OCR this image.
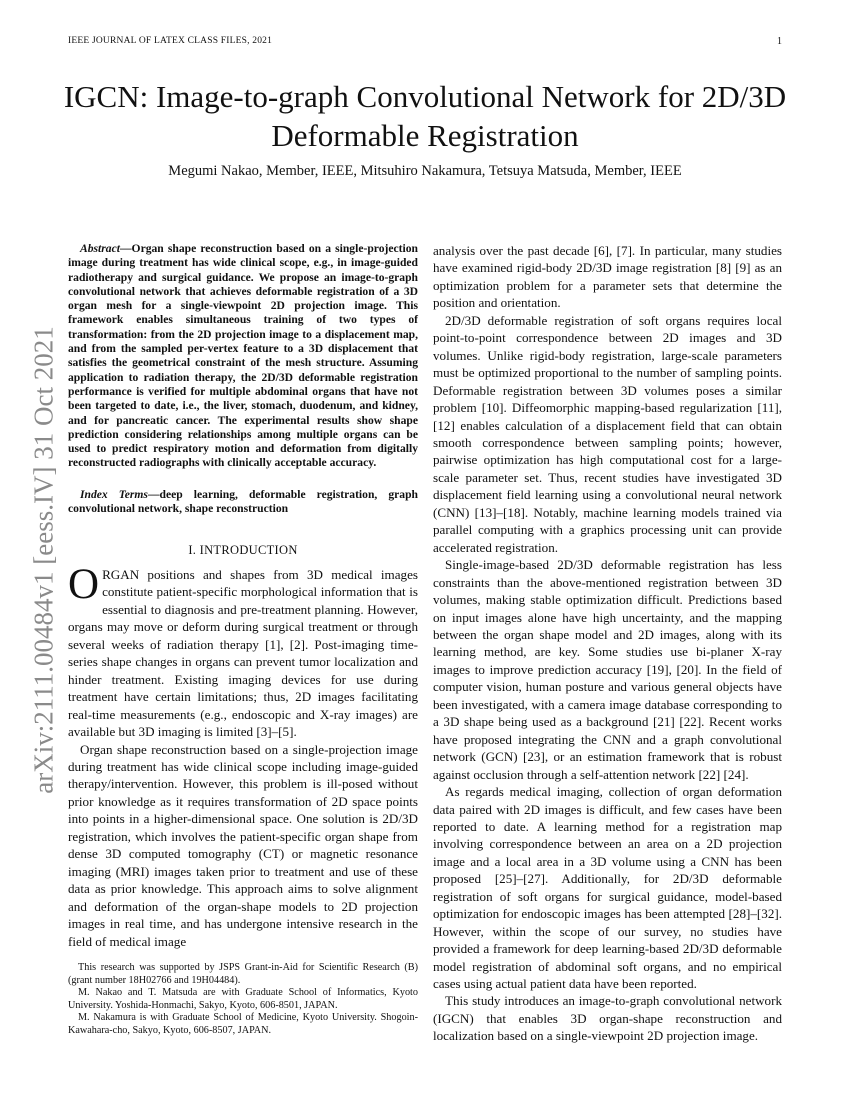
IEEE JOURNAL OF LATEX CLASS FILES, 2021	1
arXiv:2111.00484v1 [eess.IV] 31 Oct 2021
IGCN: Image-to-graph Convolutional Network for 2D/3D Deformable Registration
Megumi Nakao, Member, IEEE, Mitsuhiro Nakamura, Tetsuya Matsuda, Member, IEEE

Abstract—Organ shape reconstruction based on a single-projection image during treatment has wide clinical scope, e.g., in image-guided radiotherapy and surgical guidance. We propose an image-to-graph convolutional network that achieves deformable registration of a 3D organ mesh for a single-viewpoint 2D projection image. This framework enables simultaneous training of two types of transformation: from the 2D projection image to a displacement map, and from the sampled per-vertex feature to a 3D displacement that satisfies the geometrical constraint of the mesh structure. Assuming application to radiation therapy, the 2D/3D deformable registration performance is verified for multiple abdominal organs that have not been targeted to date, i.e., the liver, stomach, duodenum, and kidney, and for pancreatic cancer. The experimental results show shape prediction considering relationships among multiple organs can be used to predict respiratory motion and deformation from digitally reconstructed radiographs with clinically acceptable accuracy.

Index Terms—deep learning, deformable registration, graph convolutional network, shape reconstruction

I. INTRODUCTION

ORGAN positions and shapes from 3D medical images constitute patient-specific morphological information that is essential to diagnosis and pre-treatment planning. However, organs may move or deform during surgical treatment or through several weeks of radiation therapy [1], [2]. Post-imaging time-series shape changes in organs can prevent tumor localization and hinder treatment. Existing imaging devices for use during treatment have certain limitations; thus, 2D images facilitating real-time measurements (e.g., endoscopic and X-ray images) are available but 3D imaging is limited [3]–[5].

Organ shape reconstruction based on a single-projection image during treatment has wide clinical scope including image-guided therapy/intervention. However, this problem is ill-posed without prior knowledge as it requires transformation of 2D space points into points in a higher-dimensional space. One solution is 2D/3D registration, which involves the patient-specific organ shape from dense 3D computed tomography (CT) or magnetic resonance imaging (MRI) images taken prior to treatment and use of these data as prior knowledge. This approach aims to solve alignment and deformation of the organ-shape models to 2D projection images in real time, and has undergone intensive research in the field of medical image

This research was supported by JSPS Grant-in-Aid for Scientific Research (B) (grant number 18H02766 and 19H04484).

M. Nakao and T. Matsuda are with Graduate School of Informatics, Kyoto University. Yoshida-Honmachi, Sakyo, Kyoto, 606-8501, JAPAN.

M. Nakamura is with Graduate School of Medicine, Kyoto University. Shogoin-Kawahara-cho, Sakyo, Kyoto, 606-8507, JAPAN.

analysis over the past decade [6], [7]. In particular, many studies have examined rigid-body 2D/3D image registration [8] [9] as an optimization problem for a parameter sets that determine the position and orientation.

2D/3D deformable registration of soft organs requires local point-to-point correspondence between 2D images and 3D volumes. Unlike rigid-body registration, large-scale parameters must be optimized proportional to the number of sampling points. Deformable registration between 3D volumes poses a similar problem [10]. Diffeomorphic mapping-based regularization [11], [12] enables calculation of a displacement field that can obtain smooth correspondence between sampling points; however, pairwise optimization has high computational cost for a large-scale parameter set. Thus, recent studies have investigated 3D displacement field learning using a convolutional neural network (CNN) [13]–[18]. Notably, machine learning models trained via parallel computing with a graphics processing unit can provide accelerated registration.

Single-image-based 2D/3D deformable registration has less constraints than the above-mentioned registration between 3D volumes, making stable optimization difficult. Predictions based on input images alone have high uncertainty, and the mapping between the organ shape model and 2D images, along with its learning method, are key. Some studies use bi-planer X-ray images to improve prediction accuracy [19], [20]. In the field of computer vision, human posture and various general objects have been investigated, with a camera image database corresponding to a 3D shape being used as a background [21] [22]. Recent works have proposed integrating the CNN and a graph convolutional network (GCN) [23], or an estimation framework that is robust against occlusion through a self-attention network [22] [24].

As regards medical imaging, collection of organ deformation data paired with 2D images is difficult, and few cases have been reported to date. A learning method for a registration map involving correspondence between an area on a 2D projection image and a local area in a 3D volume using a CNN has been proposed [25]–[27]. Additionally, for 2D/3D deformable registration of soft organs for surgical guidance, model-based optimization for endoscopic images has been attempted [28]–[32]. However, within the scope of our survey, no studies have provided a framework for deep learning-based 2D/3D deformable model registration of abdominal soft organs, and no empirical cases using actual patient data have been reported.

This study introduces an image-to-graph convolutional network (IGCN) that enables 3D organ-shape reconstruction and localization based on a single-viewpoint 2D projection image.
